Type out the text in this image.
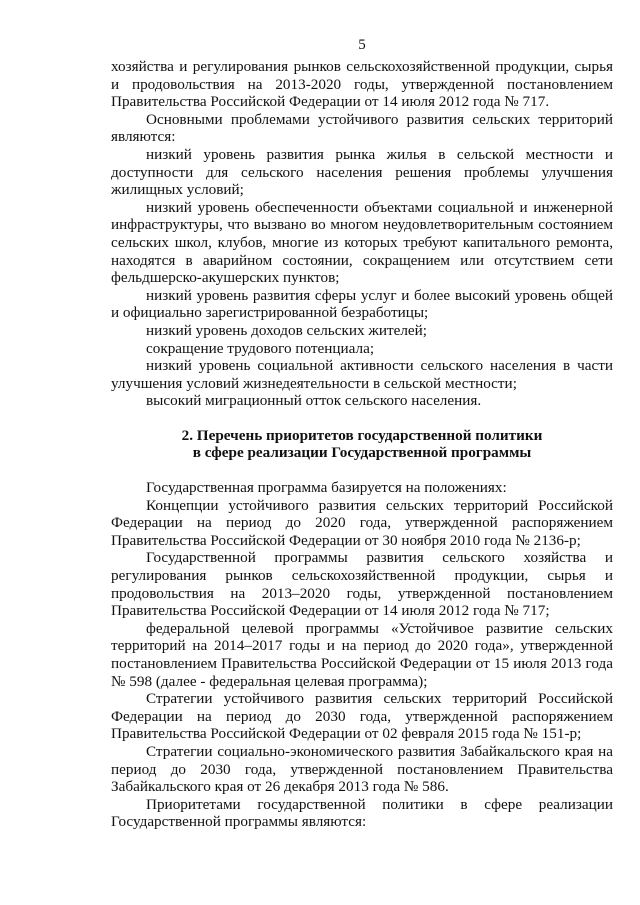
5

хозяйства и регулирования рынков сельскохозяйственной продукции, сырья и продовольствия на 2013-2020 годы, утвержденной постановлением Правительства Российской Федерации от 14 июля 2012 года № 717.

Основными проблемами устойчивого развития сельских территорий являются:

низкий уровень развития рынка жилья в сельской местности и доступности для сельского населения решения проблемы улучшения жилищных условий;

низкий уровень обеспеченности объектами социальной и инженерной инфраструктуры, что вызвано во многом неудовлетворительным состоянием сельских школ, клубов, многие из которых требуют капитального ремонта, находятся в аварийном состоянии, сокращением или отсутствием сети фельдшерско-акушерских пунктов;

низкий уровень развития сферы услуг и более высокий уровень общей и официально зарегистрированной безработицы;

низкий уровень доходов сельских жителей;

сокращение трудового потенциала;

низкий уровень социальной активности сельского населения в части улучшения условий жизнедеятельности в сельской местности;

высокий миграционный отток сельского населения.

2. Перечень приоритетов государственной политики

в сфере реализации Государственной программы

Государственная программа базируется на положениях:

Концепции устойчивого развития сельских территорий Российской Федерации на период до 2020 года, утвержденной распоряжением Правительства Российской Федерации от 30 ноября 2010 года № 2136-р;

Государственной программы развития сельского хозяйства и регулирования рынков сельскохозяйственной продукции, сырья и продовольствия на 2013–2020 годы, утвержденной постановлением Правительства Российской Федерации от 14 июля 2012 года № 717;

федеральной целевой программы «Устойчивое развитие сельских территорий на 2014–2017 годы и на период до 2020 года», утвержденной постановлением Правительства Российской Федерации от 15 июля 2013 года № 598 (далее - федеральная целевая программа);

Стратегии устойчивого развития сельских территорий Российской Федерации на период до 2030 года, утвержденной распоряжением Правительства Российской Федерации от 02 февраля 2015 года № 151-р;

Стратегии социально-экономического развития Забайкальского края на период до 2030 года, утвержденной постановлением Правительства Забайкальского края от 26 декабря 2013 года № 586.

Приоритетами государственной политики в сфере реализации Государственной программы являются:
